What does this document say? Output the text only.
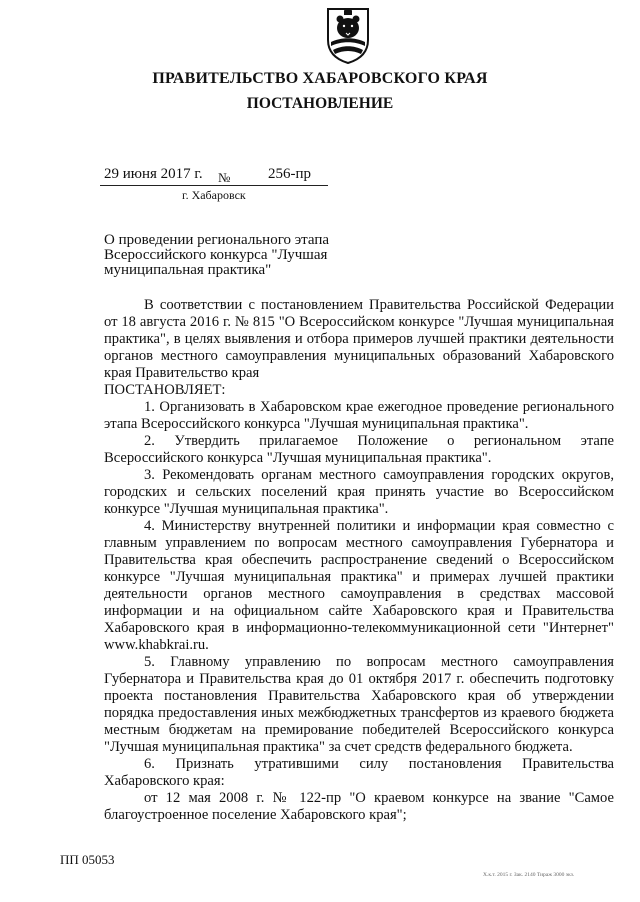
ПРАВИТЕЛЬСТВО ХАБАРОВСКОГО КРАЯ
ПОСТАНОВЛЕНИЕ
29 июня 2017 г. №	256-пр
г. Хабаровск
О проведении регионального этапа Всероссийского конкурса "Лучшая муниципальная практика"

В соответствии с постановлением Правительства Российской Федерации от 18 августа 2016 г. № 815 "О Всероссийском конкурсе "Лучшая муниципальная практика", в целях выявления и отбора примеров лучшей практики деятельности органов местного самоуправления муниципальных образований Хабаровского края Правительство края

ПОСТАНОВЛЯЕТ:

1. Организовать в Хабаровском крае ежегодное проведение регионального этапа Всероссийского конкурса "Лучшая муниципальная практика".

2. Утвердить прилагаемое Положение о региональном этапе Всероссийского конкурса "Лучшая муниципальная практика".

3. Рекомендовать органам местного самоуправления городских округов, городских и сельских поселений края принять участие во Всероссийском конкурсе "Лучшая муниципальная практика".

4. Министерству внутренней политики и информации края совместно с главным управлением по вопросам местного самоуправления Губернатора и Правительства края обеспечить распространение сведений о Всероссийском конкурсе "Лучшая муниципальная практика" и примерах лучшей практики деятельности органов местного самоуправления в средствах массовой информации и на официальном сайте Хабаровского края и Правительства Хабаровского края в информационно-телекоммуникационной сети "Интернет" www.khabkrai.ru.

5. Главному управлению по вопросам местного самоуправления Губернатора и Правительства края до 01 октября 2017 г. обеспечить подготовку проекта постановления Правительства Хабаровского края об утверждении порядка предоставления иных межбюджетных трансфертов из краевого бюджета местным бюджетам на премирование победителей Всероссийского конкурса "Лучшая муниципальная практика" за счет средств федерального бюджета.

6. Признать утратившими силу постановления Правительства Хабаровского края:

от 12 мая 2008 г. № 122-пр "О краевом конкурсе на звание "Самое благоустроенное поселение Хабаровского края";

ПП 05053
Х.к.т. 2015 г. Зак. 2140 Тираж 3000 экз.
